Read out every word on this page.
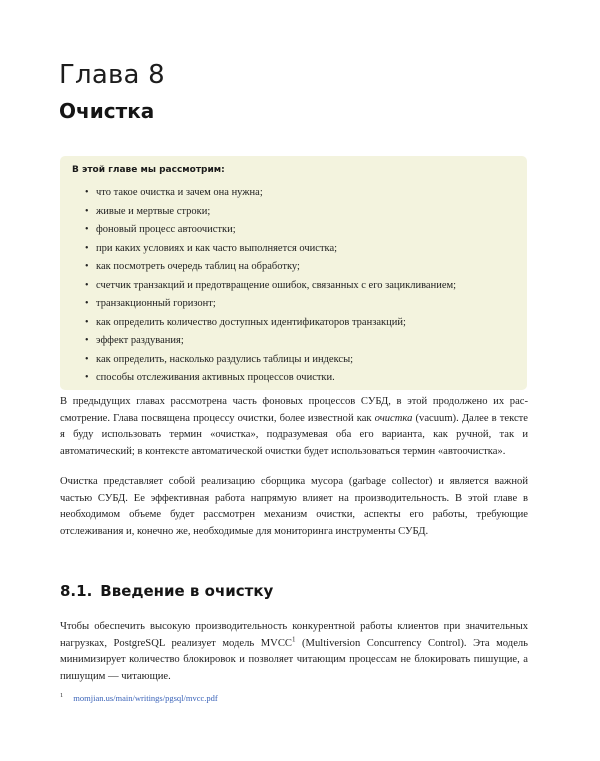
Глава 8
Очистка
В этой главе мы рассмотрим:
• что такое очистка и зачем она нужна;
• живые и мертвые строки;
• фоновый процесс автоочистки;
• при каких условиях и как часто выполняется очистка;
• как посмотреть очередь таблиц на обработку;
• счетчик транзакций и предотвращение ошибок, связанных с его зацикливанием;
• транзакционный горизонт;
• как определить количество доступных идентификаторов транзакций;
• эффект раздувания;
• как определить, насколько раздулись таблицы и индексы;
• способы отслеживания активных процессов очистки.

В предыдущих главах рассмотрена часть фоновых процессов СУБД, в этой продолжено их рассмотрение. Глава посвящена процессу очистки, более известной как очистка (vacuum). Далее в тексте я буду использовать термин «очистка», подразумевая оба его варианта, как ручной, так и автоматический; в контексте автоматической очистки будет использоваться термин «автоочистка».

Очистка представляет собой реализацию сборщика мусора (garbage collector) и является важной частью СУБД. Ее эффективная работа напрямую влияет на производительность. В этой главе в необходимом объеме будет рассмотрен механизм очистки, аспекты его работы, требующие отслеживания и, конечно же, необходимые для мониторинга инструменты СУБД.

8.1. Введение в очистку

Чтобы обеспечить высокую производительность конкурентной работы клиентов при значительных нагрузках, PostgreSQL реализует модель MVCC$^1$ (Multiversion Concurrency Control). Эта модель минимизирует количество блокировок и позволяет читающим процессам не блокировать пишущие, а пишущим — читающие.

$^1$ momjian.us/main/writings/pgsql/mvcc.pdf
